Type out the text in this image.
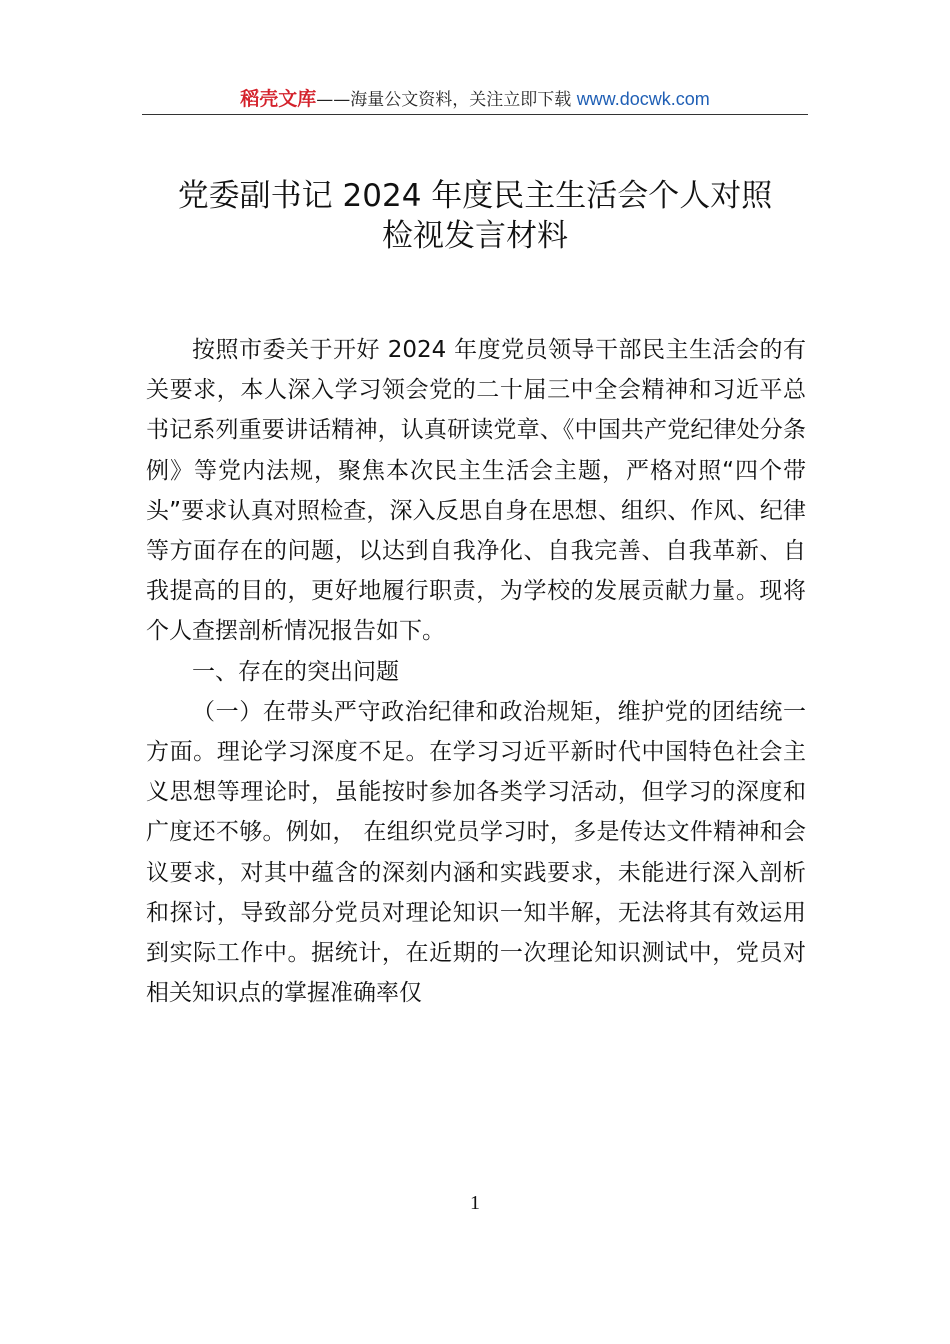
稻壳文库——海量公文资料，关注立即下载 www.docwk.com
党委副书记 2024 年度民主生活会个人对照
检视发言材料

按照市委关于开好 2024 年度党员领导干部民主生活会的有关要求，本人深入学习领会党的二十届三中全会精神和习近平总书记系列重要讲话精神，认真研读党章、《中国共产党纪律处分条例》等党内法规，聚焦本次民主生活会主题，严格对照“四个带头”要求认真对照检查，深入反思自身在思想、组织、作风、纪律等方面存在的问题，以达到自我净化、自我完善、自我革新、自我提高的目的，更好地履行职责，为学校的发展贡献力量。现将个人查摆剖析情况报告如下。

一、存在的突出问题

（一）在带头严守政治纪律和政治规矩，维护党的团结统一方面。理论学习深度不足。在学习习近平新时代中国特色社会主义思想等理论时，虽能按时参加各类学习活动，但学习的深度和广度还不够。例如， 在组织党员学习时，多是传达文件精神和会议要求，对其中蕴含的深刻内涵和实践要求，未能进行深入剖析和探讨，导致部分党员对理论知识一知半解，无法将其有效运用到实际工作中。据统计，在近期的一次理论知识测试中，党员对相关知识点的掌握准确率仅

1
